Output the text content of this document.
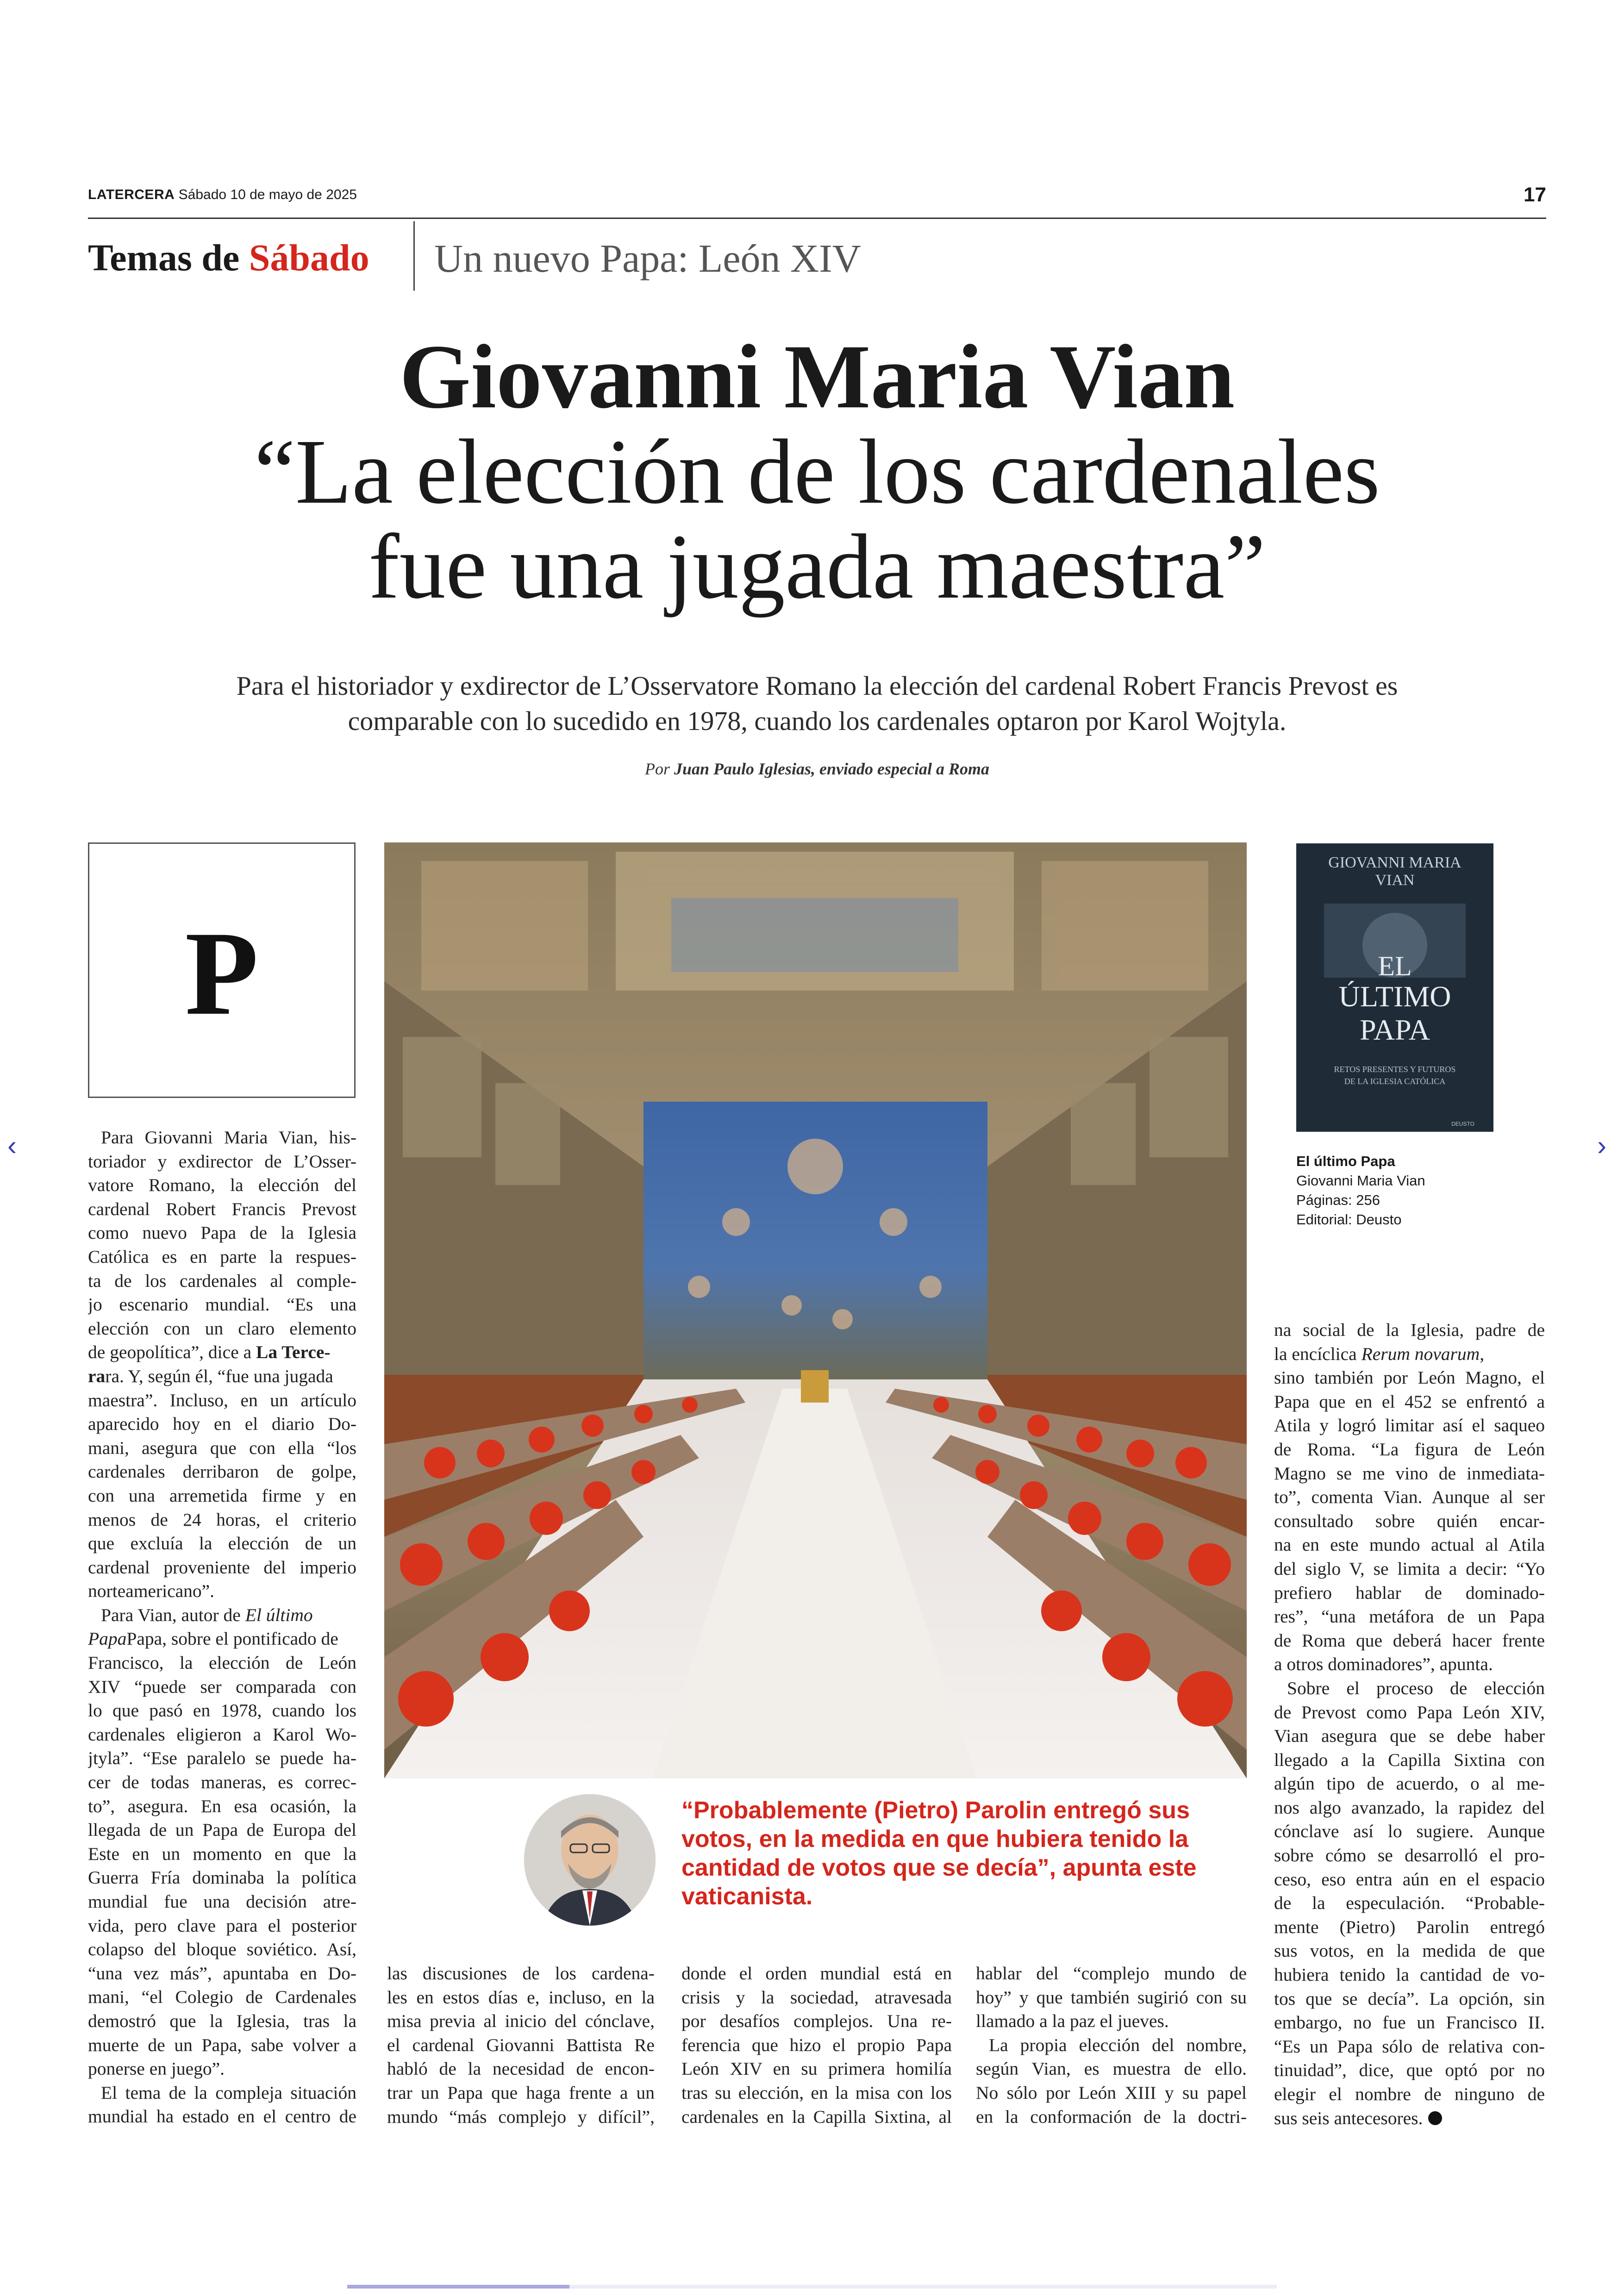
LATERCERA Sábado 10 de mayo de 2025	17
Temas de Sábado Un nuevo Papa: León XIV
Giovanni Maria Vian
“La elección de los cardenales
fue una jugada maestra”
Para el historiador y exdirector de L’Osservatore Romano la elección del cardenal Robert Francis Prevost es
comparable con lo sucedido en 1978, cuando los cardenales optaron por Karol Wojtyla.
Por Juan Paulo Iglesias, enviado especial a Roma
P
GIOVANNI MARIA
VIAN
EL
ÚLTIMO
PAPA
RETOS PRESENTES Y FUTUROS
DE LA IGLESIA CATÓLICA
DEUSTO
El último Papa
Giovanni Maria Vian
Páginas: 256
Editorial: Deusto
Para Giovanni Maria Vian, his-
toriador y exdirector de L’Osser-
vatore Romano, la elección del
cardenal Robert Francis Prevost
como nuevo Papa de la Iglesia
Católica es en parte la respues-
ta de los cardenales al comple-
jo escenario mundial. “Es una
elección con un claro elemento
de geopolítica”, dice a La Terce-
rara. Y, según él, “fue una jugada
maestra”. Incluso, en un artículo
aparecido hoy en el diario Do-
mani, asegura que con ella “los
cardenales derribaron de golpe,
con una arremetida firme y en
menos de 24 horas, el criterio
que excluía la elección de un
cardenal proveniente del imperio
norteamericano”.
Para Vian, autor de El último
PapaPapa, sobre el pontificado de
Francisco, la elección de León
XIV “puede ser comparada con
lo que pasó en 1978, cuando los
cardenales eligieron a Karol Wo-
jtyla”. “Ese paralelo se puede ha-
cer de todas maneras, es correc-
to”, asegura. En esa ocasión, la
llegada de un Papa de Europa del
Este en un momento en que la
Guerra Fría dominaba la política
mundial fue una decisión atre-
vida, pero clave para el posterior
colapso del bloque soviético. Así,
“una vez más”, apuntaba en Do-
mani, “el Colegio de Cardenales
demostró que la Iglesia, tras la
muerte de un Papa, sabe volver a
ponerse en juego”.
El tema de la compleja situación
mundial ha estado en el centro de
“Probablemente (Pietro) Parolin entregó sus
votos, en la medida en que hubiera tenido la
cantidad de votos que se decía”, apunta este
vaticanista.
las discusiones de los cardena-
les en estos días e, incluso, en la
misa previa al inicio del cónclave,
el cardenal Giovanni Battista Re
habló de la necesidad de encon-
trar un Papa que haga frente a un
mundo “más complejo y difícil”,
donde el orden mundial está en
crisis y la sociedad, atravesada
por desafíos complejos. Una re-
ferencia que hizo el propio Papa
León XIV en su primera homilía
tras su elección, en la misa con los
cardenales en la Capilla Sixtina, al
hablar del “complejo mundo de
hoy” y que también sugirió con su
llamado a la paz el jueves.
La propia elección del nombre,
según Vian, es muestra de ello.
No sólo por León XIII y su papel
en la conformación de la doctri-
na social de la Iglesia, padre de
la encíclica Rerum novarum,
sino también por León Magno, el
Papa que en el 452 se enfrentó a
Atila y logró limitar así el saqueo
de Roma. “La figura de León
Magno se me vino de inmediata-
to”, comenta Vian. Aunque al ser
consultado sobre quién encar-
na en este mundo actual al Atila
del siglo V, se limita a decir: “Yo
prefiero hablar de dominado-
res”, “una metáfora de un Papa
de Roma que deberá hacer frente
a otros dominadores”, apunta.
Sobre el proceso de elección
de Prevost como Papa León XIV,
Vian asegura que se debe haber
llegado a la Capilla Sixtina con
algún tipo de acuerdo, o al me-
nos algo avanzado, la rapidez del
cónclave así lo sugiere. Aunque
sobre cómo se desarrolló el pro-
ceso, eso entra aún en el espacio
de la especulación. “Probable-
mente (Pietro) Parolin entregó
sus votos, en la medida de que
hubiera tenido la cantidad de vo-
tos que se decía”. La opción, sin
embargo, no fue un Francisco II.
“Es un Papa sólo de relativa con-
tinuidad”, dice, que optó por no
elegir el nombre de ninguno de
sus seis antecesores.
‹	›
